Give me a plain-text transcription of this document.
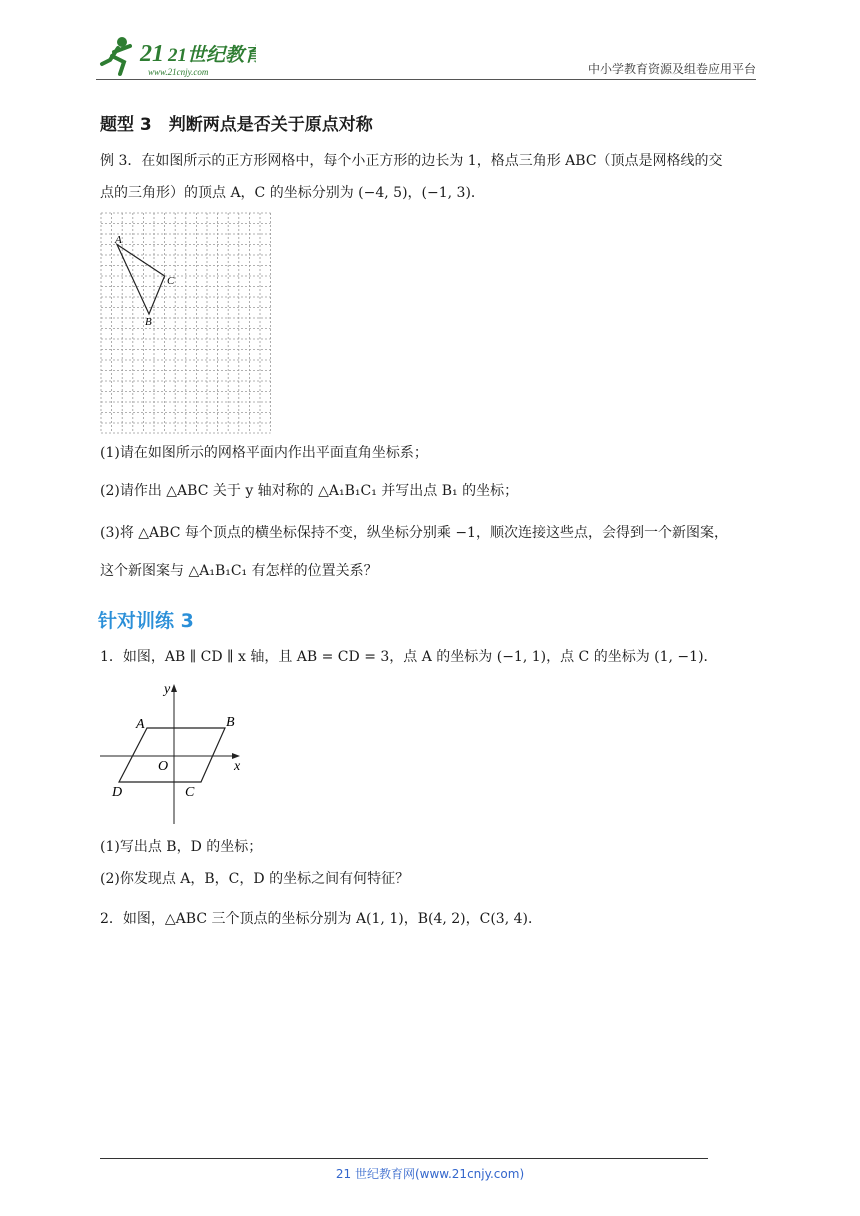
21 21世纪教育
www.21cnjy.com	中小学教育资源及组卷应用平台
题型 3　判断两点是否关于原点对称
例 3．在如图所示的正方形网格中，每个小正方形的边长为 1，格点三角形 ABC（顶点是网格线的交
点的三角形）的顶点 A，C 的坐标分别为 (−4, 5)，(−1, 3)．
A
B
C
(1)请在如图所示的网格平面内作出平面直角坐标系；
(2)请作出 △ABC 关于 y 轴对称的 △A₁B₁C₁ 并写出点 B₁ 的坐标；
(3)将 △ABC 每个顶点的横坐标保持不变，纵坐标分别乘 −1，顺次连接这些点，会得到一个新图案，
这个新图案与 △A₁B₁C₁ 有怎样的位置关系？
针对训练 3
1．如图，AB ∥ CD ∥ x 轴，且 AB = CD = 3，点 A 的坐标为 (−1, 1)，点 C 的坐标为 (1, −1)．
y
A	B
O	x
D	C
(1)写出点 B，D 的坐标；
(2)你发现点 A，B，C，D 的坐标之间有何特征？
2．如图，△ABC 三个顶点的坐标分别为 A(1, 1)，B(4, 2)，C(3, 4)．
21 世纪教育网(www.21cnjy.com)
